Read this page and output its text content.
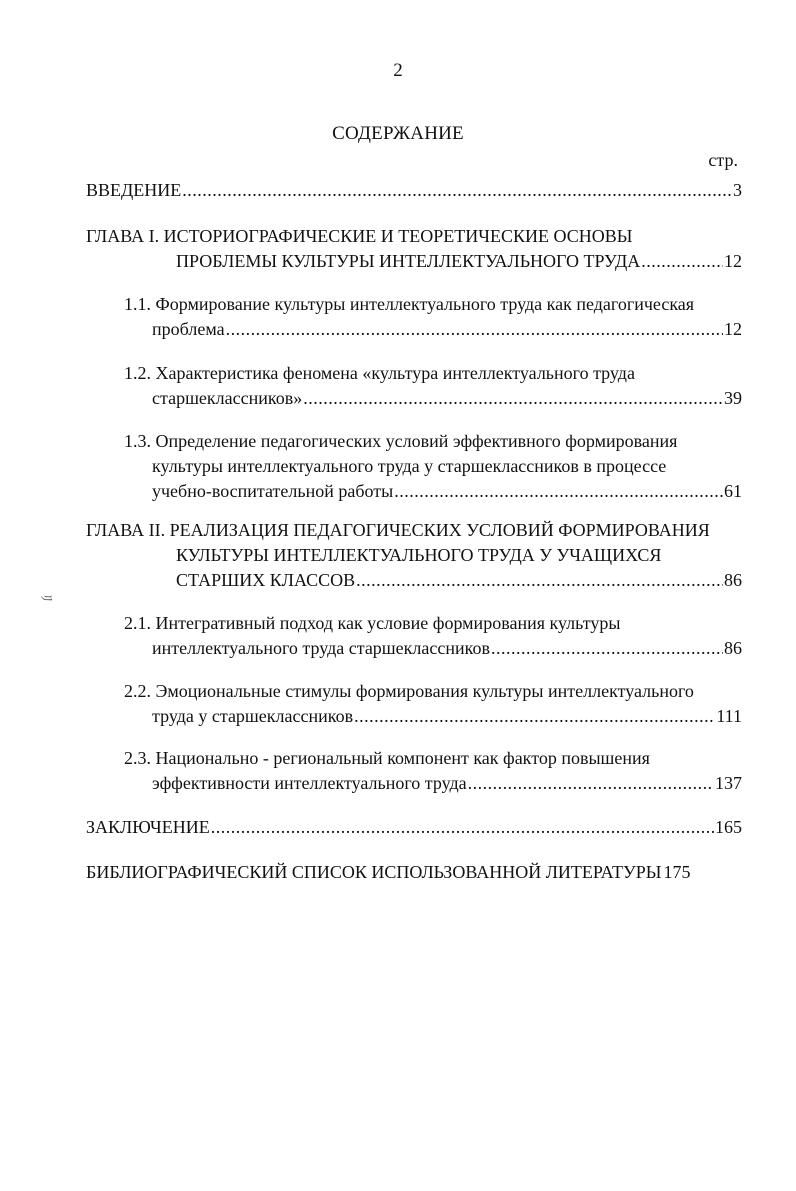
2
СОДЕРЖАНИЕ
стр.
ВВЕДЕНИЕ .....	3
ГЛАВА I. ИСТОРИОГРАФИЧЕСКИЕ И ТЕОРЕТИЧЕСКИЕ ОСНОВЫ
ПРОБЛЕМЫ КУЛЬТУРЫ ИНТЕЛЛЕКТУАЛЬНОГО ТРУДА .....	12
1.1. Формирование культуры интеллектуального труда как педагогическая
проблема .....	12
1.2. Характеристика феномена «культура интеллектуального труда
старшеклассников» .....	39
1.3. Определение педагогических условий эффективного формирования
культуры интеллектуального труда у старшеклассников в процессе
учебно-воспитательной работы .....	61
ГЛАВА II. РЕАЛИЗАЦИЯ ПЕДАГОГИЧЕСКИХ УСЛОВИЙ ФОРМИРОВАНИЯ
КУЛЬТУРЫ ИНТЕЛЛЕКТУАЛЬНОГО ТРУДА У УЧАЩИХСЯ
СТАРШИХ КЛАССОВ .....	86
2.1. Интегративный подход как условие формирования культуры
интеллектуального труда старшеклассников .....	86
2.2. Эмоциональные стимулы формирования культуры интеллектуального
труда у старшеклассников .....	111
2.3. Национально - региональный компонент как фактор повышения
эффективности интеллектуального труда .....	137
ЗАКЛЮЧЕНИЕ .....	165
БИБЛИОГРАФИЧЕСКИЙ СПИСОК ИСПОЛЬЗОВАННОЙ ЛИТЕРАТУРЫ 175
ﾘ
